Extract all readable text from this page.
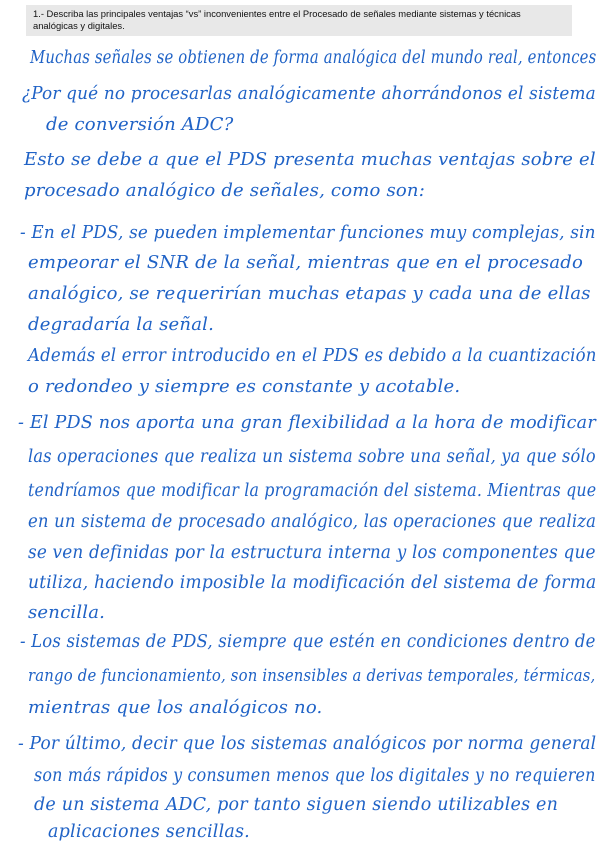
1.- Describa las principales ventajas “vs” inconvenientes entre el Procesado de señales mediante sistemas y técnicas analógicas y digitales.
Muchas señales se obtienen de forma analógica del mundo real, entonces
¿Por qué no procesarlas analógicamente ahorrándonos el sistema
de conversión ADC?
Esto se debe a que el PDS presenta muchas ventajas sobre el
procesado analógico de señales, como son:
- En el PDS, se pueden implementar funciones muy complejas, sin
empeorar el SNR de la señal, mientras que en el procesado
analógico, se requerirían muchas etapas y cada una de ellas
degradaría la señal.
Además el error introducido en el PDS es debido a la cuantización
o redondeo y siempre es constante y acotable.
- El PDS nos aporta una gran flexibilidad a la hora de modificar
las operaciones que realiza un sistema sobre una señal, ya que sólo
tendríamos que modificar la programación del sistema. Mientras que
en un sistema de procesado analógico, las operaciones que realiza
se ven definidas por la estructura interna y los componentes que
utiliza, haciendo imposible la modificación del sistema de forma
sencilla.
- Los sistemas de PDS, siempre que estén en condiciones dentro de
rango de funcionamiento, son insensibles a derivas temporales, térmicas,
mientras que los analógicos no.
- Por último, decir que los sistemas analógicos por norma general
son más rápidos y consumen menos que los digitales y no requieren
de un sistema ADC, por tanto siguen siendo utilizables en
aplicaciones sencillas.
